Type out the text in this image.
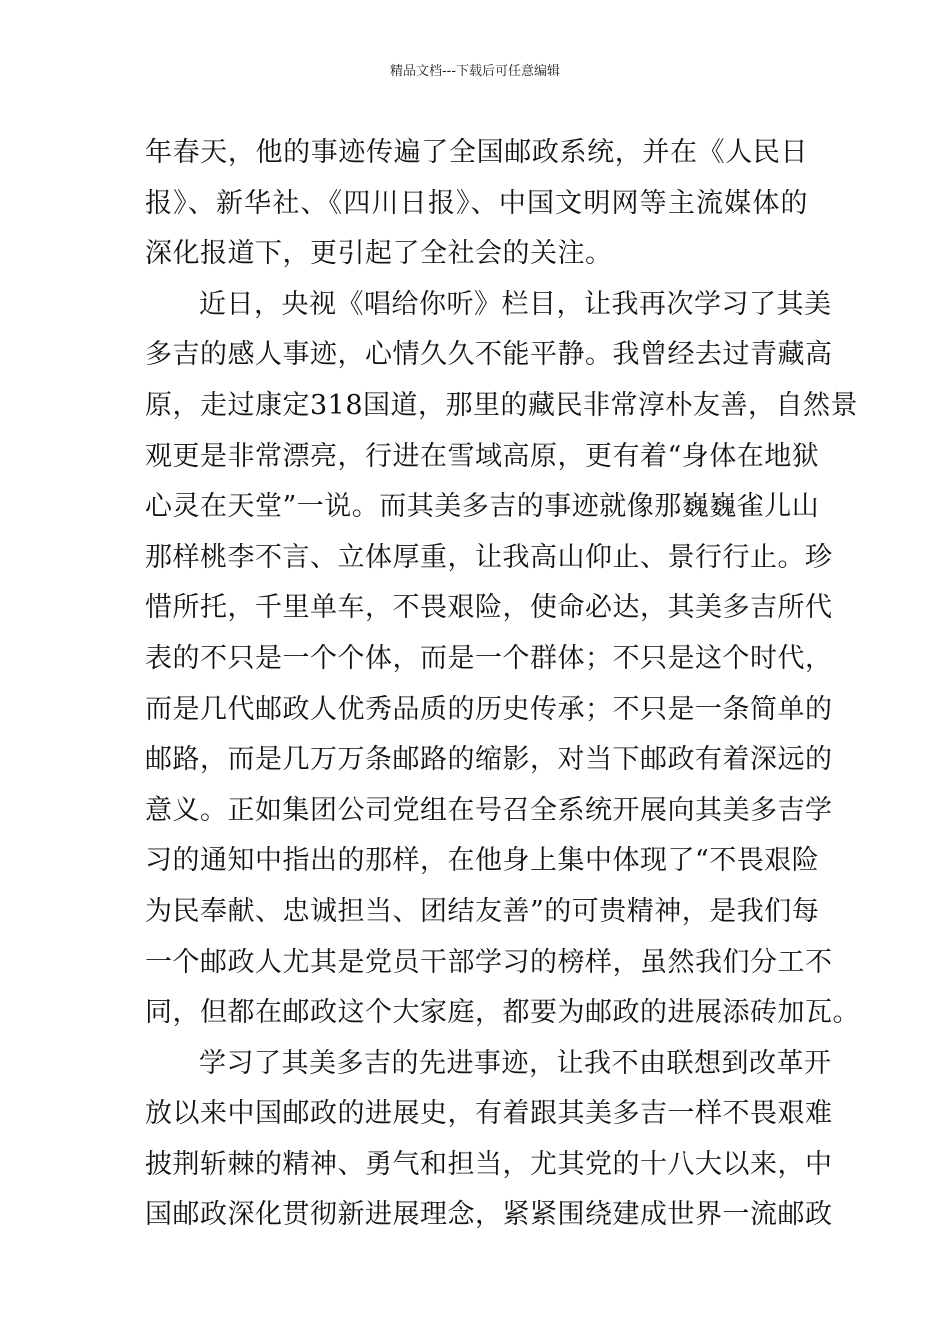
精品文档---下载后可任意编辑
年春天，他的事迹传遍了全国邮政系统，并在《人民日
报》、新华社、《四川日报》、中国文明网等主流媒体的
深化报道下，更引起了全社会的关注。
近日，央视《唱给你听》栏目，让我再次学习了其美
多吉的感人事迹，心情久久不能平静。我曾经去过青藏高
原，走过康定318国道，那里的藏民非常淳朴友善，自然景
观更是非常漂亮，行进在雪域高原，更有着“身体在地狱
心灵在天堂”一说。而其美多吉的事迹就像那巍巍雀儿山
那样桃李不言、立体厚重，让我高山仰止、景行行止。珍
惜所托，千里单车，不畏艰险，使命必达，其美多吉所代
表的不只是一个个体，而是一个群体；不只是这个时代，
而是几代邮政人优秀品质的历史传承；不只是一条简单的
邮路，而是几万万条邮路的缩影，对当下邮政有着深远的
意义。正如集团公司党组在号召全系统开展向其美多吉学
习的通知中指出的那样，在他身上集中体现了“不畏艰险
为民奉献、忠诚担当、团结友善”的可贵精神，是我们每
一个邮政人尤其是党员干部学习的榜样，虽然我们分工不
同，但都在邮政这个大家庭，都要为邮政的进展添砖加瓦。
学习了其美多吉的先进事迹，让我不由联想到改革开
放以来中国邮政的进展史，有着跟其美多吉一样不畏艰难
披荆斩棘的精神、勇气和担当，尤其党的十八大以来，中
国邮政深化贯彻新进展理念，紧紧围绕建成世界一流邮政
